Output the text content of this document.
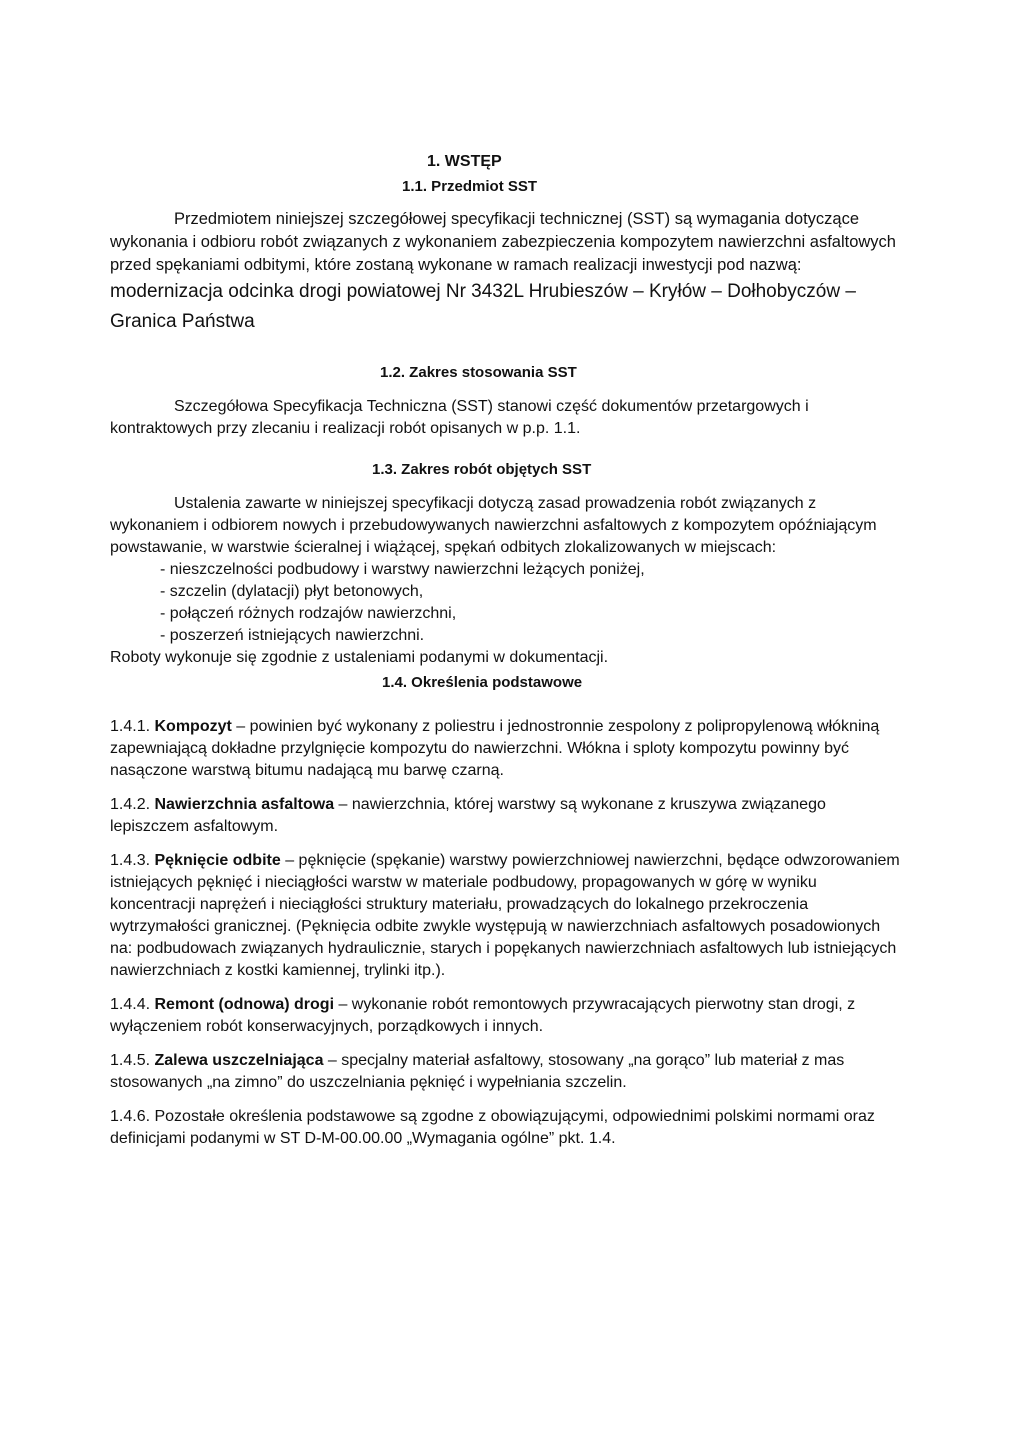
1. WSTĘP
1.1. Przedmiot SST

Przedmiotem niniejszej szczegółowej specyfikacji technicznej (SST) są wymagania dotyczące wykonania i odbioru robót związanych z wykonaniem zabezpieczenia kompozytem nawierzchni asfaltowych przed spękaniami odbitymi, które zostaną wykonane w ramach realizacji inwestycji pod nazwą: modernizacja odcinka drogi powiatowej Nr 3432L Hrubieszów – Kryłów – Dołhobyczów – Granica Państwa

1.2. Zakres stosowania SST

Szczegółowa Specyfikacja Techniczna (SST) stanowi część dokumentów przetargowych i kontraktowych przy zlecaniu i realizacji robót opisanych w p.p. 1.1.

1.3. Zakres robót objętych SST

Ustalenia zawarte w niniejszej specyfikacji dotyczą zasad prowadzenia robót związanych z wykonaniem i odbiorem nowych i przebudowywanych nawierzchni asfaltowych z kompozytem opóźniającym powstawanie, w warstwie ścieralnej i wiążącej, spękań odbitych zlokalizowanych w miejscach:

- nieszczelności podbudowy i warstwy nawierzchni leżących poniżej,
- szczelin (dylatacji) płyt betonowych,
- połączeń różnych rodzajów nawierzchni,
- poszerzeń istniejących nawierzchni.

Roboty wykonuje się zgodnie z ustaleniami podanymi w dokumentacji.

1.4. Określenia podstawowe

1.4.1. Kompozyt – powinien być wykonany z poliestru i jednostronnie zespolony z polipropylenową włókniną zapewniającą dokładne przylgnięcie kompozytu do nawierzchni. Włókna i sploty kompozytu powinny być nasączone warstwą bitumu nadającą mu barwę czarną.

1.4.2. Nawierzchnia asfaltowa – nawierzchnia, której warstwy są wykonane z kruszywa związanego lepiszczem asfaltowym.

1.4.3. Pęknięcie odbite – pęknięcie (spękanie) warstwy powierzchniowej nawierzchni, będące odwzorowaniem istniejących pęknięć i nieciągłości warstw w materiale podbudowy, propagowanych w górę w wyniku koncentracji naprężeń i nieciągłości struktury materiału, prowadzących do lokalnego przekroczenia wytrzymałości granicznej. (Pęknięcia odbite zwykle występują w nawierzchniach asfaltowych posadowionych na: podbudowach związanych hydraulicznie, starych i popękanych nawierzchniach asfaltowych lub istniejących nawierzchniach z kostki kamiennej, trylinki itp.).

1.4.4. Remont (odnowa) drogi – wykonanie robót remontowych przywracających pierwotny stan drogi, z wyłączeniem robót konserwacyjnych, porządkowych i innych.

1.4.5. Zalewa uszczelniająca – specjalny materiał asfaltowy, stosowany „na gorąco” lub materiał z mas stosowanych „na zimno” do uszczelniania pęknięć i wypełniania szczelin.

1.4.6. Pozostałe określenia podstawowe są zgodne z obowiązującymi, odpowiednimi polskimi normami oraz definicjami podanymi w ST D-M-00.00.00 „Wymagania ogólne” pkt. 1.4.
